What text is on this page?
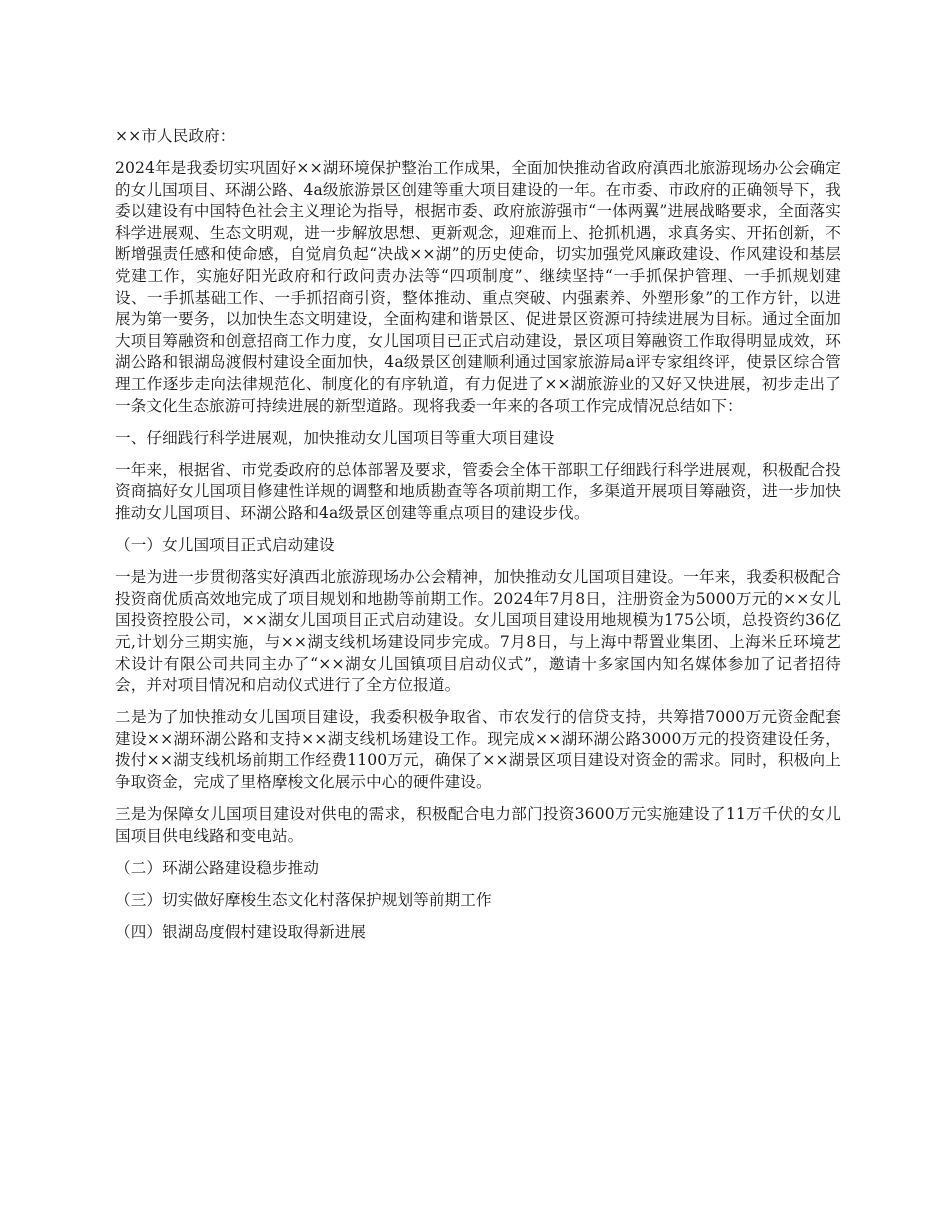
××市人民政府：

2024年是我委切实巩固好××湖环境保护整治工作成果，全面加快推动省政府滇西北旅游现场办公会确定的女儿国项目、环湖公路、4a级旅游景区创建等重大项目建设的一年。在市委、市政府的正确领导下，我委以建设有中国特色社会主义理论为指导，根据市委、政府旅游强市“一体两翼”进展战略要求，全面落实科学进展观、生态文明观，进一步解放思想、更新观念，迎难而上、抢抓机遇，求真务实、开拓创新，不断增强责任感和使命感，自觉肩负起“决战××湖”的历史使命，切实加强党风廉政建设、作风建设和基层党建工作，实施好阳光政府和行政问责办法等“四项制度”、继续坚持“一手抓保护管理、一手抓规划建设、一手抓基础工作、一手抓招商引资，整体推动、重点突破、内强素养、外塑形象”的工作方针，以进展为第一要务，以加快生态文明建设，全面构建和谐景区、促进景区资源可持续进展为目标。通过全面加大项目筹融资和创意招商工作力度，女儿国项目已正式启动建设，景区项目筹融资工作取得明显成效，环湖公路和银湖岛渡假村建设全面加快，4a级景区创建顺利通过国家旅游局a评专家组终评，使景区综合管理工作逐步走向法律规范化、制度化的有序轨道，有力促进了××湖旅游业的又好又快进展，初步走出了一条文化生态旅游可持续进展的新型道路。现将我委一年来的各项工作完成情况总结如下：

一、仔细践行科学进展观，加快推动女儿国项目等重大项目建设

一年来，根据省、市党委政府的总体部署及要求，管委会全体干部职工仔细践行科学进展观，积极配合投资商搞好女儿国项目修建性详规的调整和地质勘查等各项前期工作，多渠道开展项目筹融资，进一步加快推动女儿国项目、环湖公路和4a级景区创建等重点项目的建设步伐。

（一）女儿国项目正式启动建设

一是为进一步贯彻落实好滇西北旅游现场办公会精神，加快推动女儿国项目建设。一年来，我委积极配合投资商优质高效地完成了项目规划和地勘等前期工作。2024年7月8日，注册资金为5000万元的××女儿国投资控股公司，××湖女儿国项目正式启动建设。女儿国项目建设用地规模为175公顷，总投资约36亿元,计划分三期实施，与××湖支线机场建设同步完成。7月8日，与上海中帮置业集团、上海米丘环境艺术设计有限公司共同主办了“××湖女儿国镇项目启动仪式”，邀请十多家国内知名媒体参加了记者招待会，并对项目情况和启动仪式进行了全方位报道。

二是为了加快推动女儿国项目建设，我委积极争取省、市农发行的信贷支持，共筹措7000万元资金配套建设××湖环湖公路和支持××湖支线机场建设工作。现完成××湖环湖公路3000万元的投资建设任务，拨付××湖支线机场前期工作经费1100万元，确保了××湖景区项目建设对资金的需求。同时，积极向上争取资金，完成了里格摩梭文化展示中心的硬件建设。

三是为保障女儿国项目建设对供电的需求，积极配合电力部门投资3600万元实施建设了11万千伏的女儿国项目供电线路和变电站。

（二）环湖公路建设稳步推动

（三）切实做好摩梭生态文化村落保护规划等前期工作

（四）银湖岛度假村建设取得新进展
